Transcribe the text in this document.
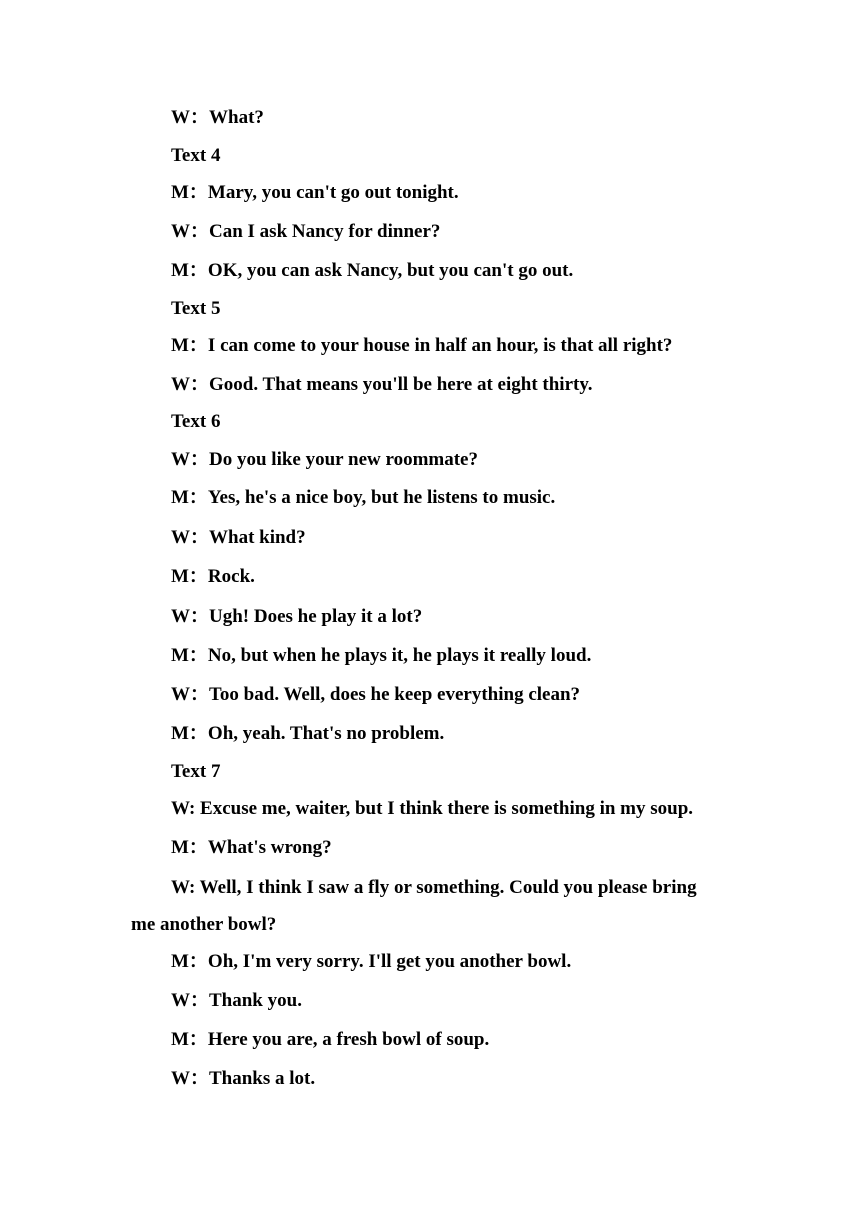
W：What?
Text 4
M：Mary, you can't go out tonight.
W：Can I ask Nancy for dinner?
M：OK, you can ask Nancy, but you can't go out.
Text 5
M：I can come to your house in half an hour, is that all right?
W：Good. That means you'll be here at eight thirty.
Text 6
W：Do you like your new roommate?
M：Yes, he's a nice boy, but he listens to music.
W：What kind?
M：Rock.
W：Ugh! Does he play it a lot?
M：No, but when he plays it, he plays it really loud.
W：Too bad. Well, does he keep everything clean?
M：Oh, yeah. That's no problem.
Text 7
W: Excuse me, waiter, but I think there is something in my soup.
M：What's wrong?
W: Well, I think I saw a fly or something. Could you please bring
me another bowl?
M：Oh, I'm very sorry. I'll get you another bowl.
W：Thank you.
M：Here you are, a fresh bowl of soup.
W：Thanks a lot.
